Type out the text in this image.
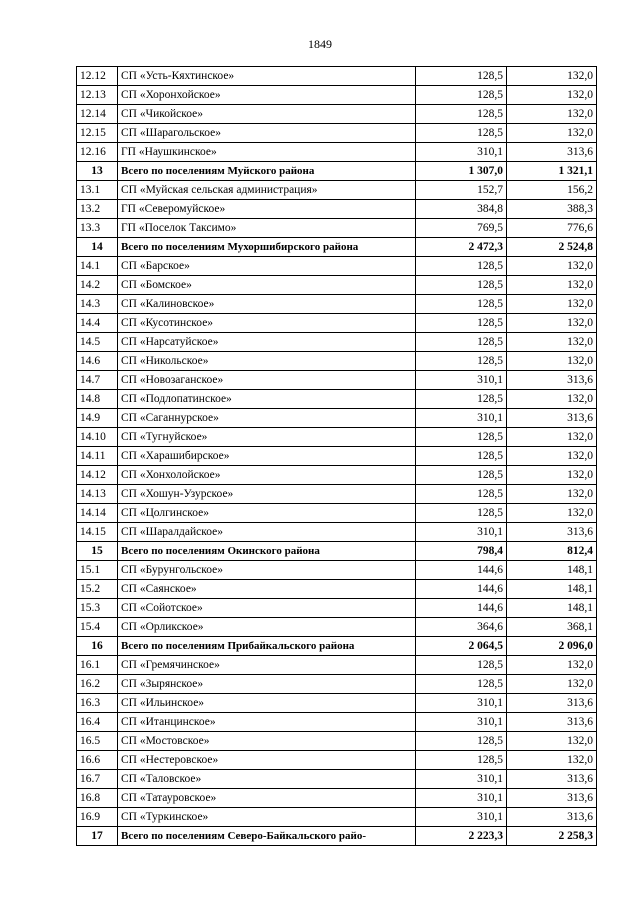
1849
12.12	СП «Усть-Кяхтинское»	128,5	132,0
12.13	СП «Хоронхойское»	128,5	132,0
12.14	СП «Чикойское»	128,5	132,0
12.15	СП «Шарагольское»	128,5	132,0
12.16	ГП «Наушкинское»	310,1	313,6
13	Всего по поселениям Муйского района	1 307,0	1 321,1
13.1	СП «Муйская сельская администрация»	152,7	156,2
13.2	ГП «Северомуйское»	384,8	388,3
13.3	ГП «Поселок Таксимо»	769,5	776,6
14	Всего по поселениям Мухоршибирского района	2 472,3	2 524,8
14.1	СП «Барское»	128,5	132,0
14.2	СП «Бомское»	128,5	132,0
14.3	СП «Калиновское»	128,5	132,0
14.4	СП «Кусотинское»	128,5	132,0
14.5	СП «Нарсатуйское»	128,5	132,0
14.6	СП «Никольское»	128,5	132,0
14.7	СП «Новозаганское»	310,1	313,6
14.8	СП «Подлопатинское»	128,5	132,0
14.9	СП «Саганнурское»	310,1	313,6
14.10	СП «Тугнуйское»	128,5	132,0
14.11	СП «Харашибирское»	128,5	132,0
14.12	СП «Хонхолойское»	128,5	132,0
14.13	СП «Хошун-Узурское»	128,5	132,0
14.14	СП «Цолгинское»	128,5	132,0
14.15	СП «Шаралдайское»	310,1	313,6
15	Всего по поселениям Окинского района	798,4	812,4
15.1	СП «Бурунгольское»	144,6	148,1
15.2	СП «Саянское»	144,6	148,1
15.3	СП «Сойотское»	144,6	148,1
15.4	СП «Орликское»	364,6	368,1
16	Всего по поселениям Прибайкальского района	2 064,5	2 096,0
16.1	СП «Гремячинское»	128,5	132,0
16.2	СП «Зырянское»	128,5	132,0
16.3	СП «Ильинское»	310,1	313,6
16.4	СП «Итанцинское»	310,1	313,6
16.5	СП «Мостовское»	128,5	132,0
16.6	СП «Нестеровское»	128,5	132,0
16.7	СП «Таловское»	310,1	313,6
16.8	СП «Татауровское»	310,1	313,6
16.9	СП «Туркинское»	310,1	313,6
17	Всего по поселениям Северо-Байкальского райо-	2 223,3	2 258,3
